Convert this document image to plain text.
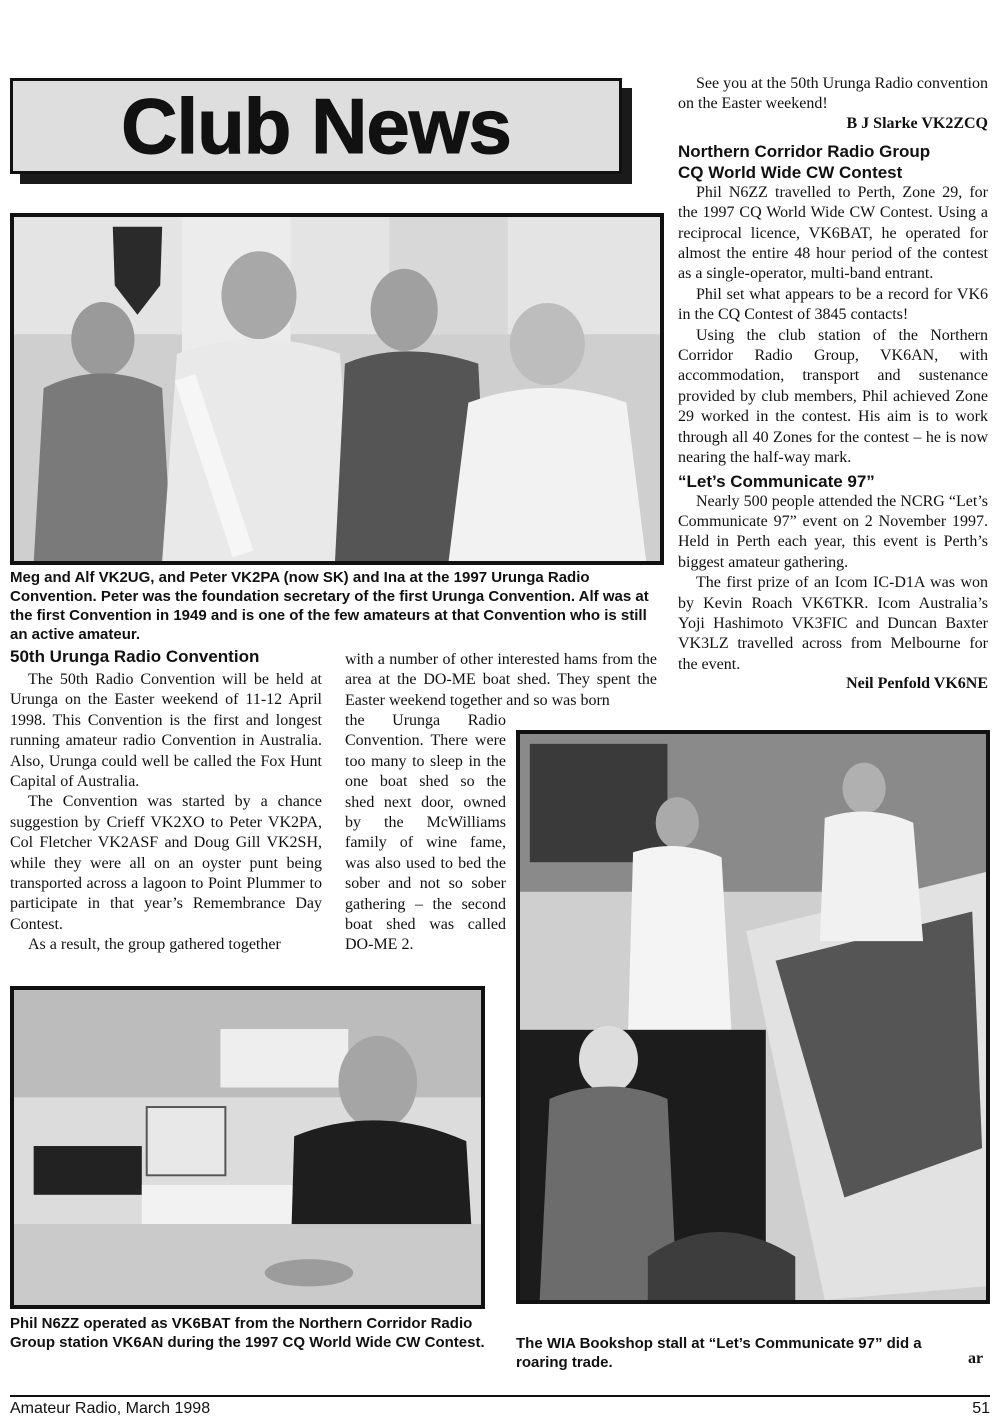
Club News	See you at the 50th Urunga Radio convention on the Easter weekend!

B J Slarke VK2ZCQ

Northern Corridor Radio Group

CQ World Wide CW Contest

Phil N6ZZ travelled to Perth, Zone 29, for the 1997 CQ World Wide CW Contest. Using a reciprocal licence, VK6BAT, he operated for almost the entire 48 hour period of the contest as a single-operator, multi-band entrant.

Phil set what appears to be a record for VK6 in the CQ Contest of 3845 contacts!

Using the club station of the Northern Corridor Radio Group, VK6AN, with accommodation, transport and sustenance provided by club members, Phil achieved Zone 29 worked in the contest. His aim is to work through all 40 Zones for the contest – he is now nearing the half-way mark.

“Let’s Communicate 97”

Nearly 500 people attended the NCRG “Let’s Communicate 97” event on 2 November 1997. Held in Perth each year, this event is Perth’s biggest amateur gathering.

The first prize of an Icom IC-D1A was won by Kevin Roach VK6TKR. Icom Australia’s Yoji Hashimoto VK3FIC and Duncan Baxter VK3LZ travelled across from Melbourne for the event.

Neil Penfold VK6NE

Meg and Alf VK2UG, and Peter VK2PA (now SK) and Ina at the 1997 Urunga Radio Convention. Peter was the foundation secretary of the first Urunga Convention. Alf was at the first Convention in 1949 and is one of the few amateurs at that Convention who is still an active amateur.

50th Urunga Radio Convention

The 50th Radio Convention will be held at Urunga on the Easter weekend of 11-12 April 1998. This Convention is the first and longest running amateur radio Convention in Australia. Also, Urunga could well be called the Fox Hunt Capital of Australia.

The Convention was started by a chance suggestion by Crieff VK2XO to Peter VK2PA, Col Fletcher VK2ASF and Doug Gill VK2SH, while they were all on an oyster punt being transported across a lagoon to Point Plummer to participate in that year’s Remembrance Day Contest.

As a result, the group gathered together

with a number of other interested hams from the area at the DO-ME boat shed. They spent the Easter weekend together and so was born

the Urunga Radio Convention. There were too many to sleep in the one boat shed so the shed next door, owned by the McWilliams family of wine fame, was also used to bed the sober and not so sober gathering – the second boat shed was called DO-ME 2.

Phil N6ZZ operated as VK6BAT from the Northern Corridor Radio Group station VK6AN during the 1997 CQ World Wide CW Contest. The WIA Bookshop stall at “Let’s Communicate 97” did a roaring trade.	ar
Amateur Radio, March 1998	51
